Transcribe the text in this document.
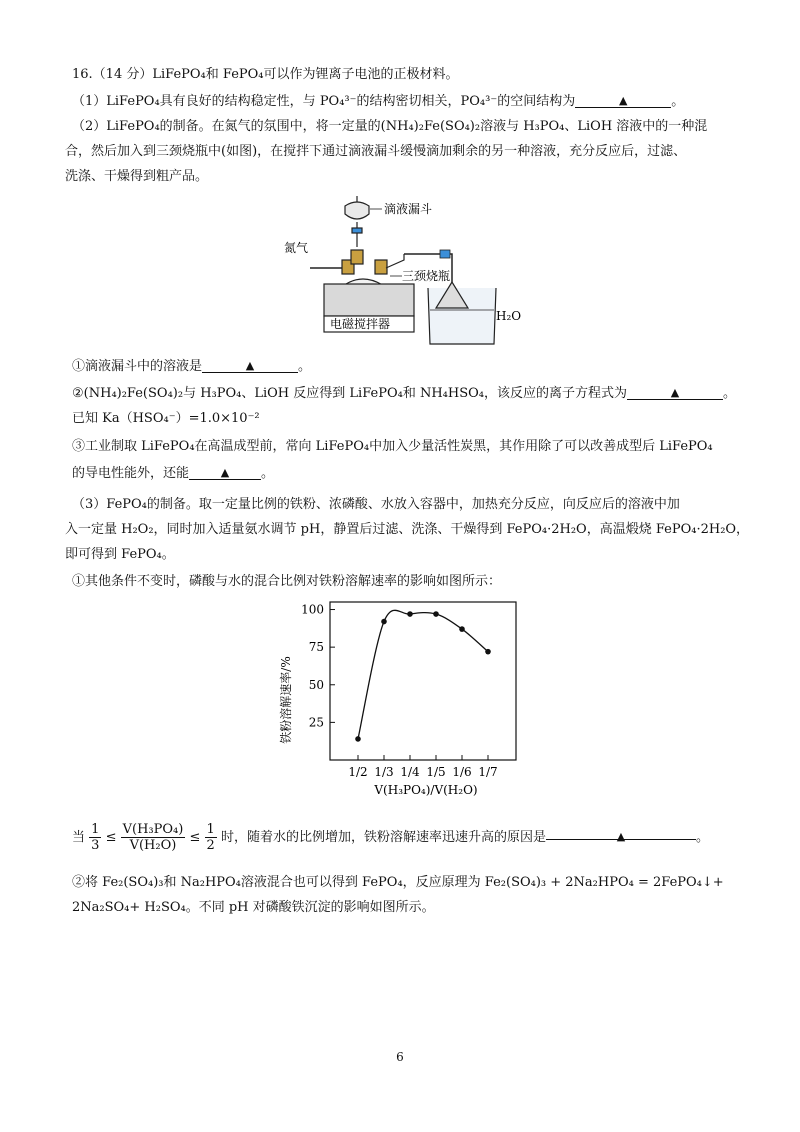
16.（14 分）LiFePO₄和 FePO₄可以作为锂离子电池的正极材料。
（1）LiFePO₄具有良好的结构稳定性，与 PO₄³⁻的结构密切相关，PO₄³⁻的空间结构为	▲	。
（2）LiFePO₄的制备。在氮气的氛围中，将一定量的(NH₄)₂Fe(SO₄)₂溶液与 H₃PO₄、LiOH 溶液中的一种混
合，然后加入到三颈烧瓶中(如图)，在搅拌下通过滴液漏斗缓慢滴加剩余的另一种溶液，充分反应后，过滤、
洗涤、干燥得到粗产品。
滴液漏斗
氮气
三颈烧瓶
H₂O
电磁搅拌器
①滴液漏斗中的溶液是	▲	。
②(NH₄)₂Fe(SO₄)₂与 H₃PO₄、LiOH 反应得到 LiFePO₄和 NH₄HSO₄，该反应的离子方程式为	▲	。
已知 Ka（HSO₄⁻）=1.0×10⁻²
③工业制取 LiFePO₄在高温成型前，常向 LiFePO₄中加入少量活性炭黑，其作用除了可以改善成型后 LiFePO₄
的导电性能外，还能	▲ 。
（3）FePO₄的制备。取一定量比例的铁粉、浓磷酸、水放入容器中，加热充分反应，向反应后的溶液中加
入一定量 H₂O₂，同时加入适量氨水调节 pH，静置后过滤、洗涤、干燥得到 FePO₄·2H₂O，高温煅烧 FePO₄·2H₂O，
即可得到 FePO₄。
①其他条件不变时，磷酸与水的混合比例对铁粉溶解速率的影响如图所示：
铁粉溶解速率/%
V(H₃PO₄)/V(H₂O)
25
50
75
100
1/2 1/3 1/4 1/5 1/6 1/7
当 $\frac{1}{3} \le \frac{\text{V(H₃PO₄)}}{\text{V(H₂O)}} \le \frac{1}{2}$ 时，随着水的比例增加，铁粉溶解速率迅速升高的原因是	▲	。
②将 Fe₂(SO₄)₃和 Na₂HPO₄溶液混合也可以得到 FePO₄，反应原理为 Fe₂(SO₄)₃ + 2Na₂HPO₄ = 2FePO₄↓+
2Na₂SO₄+ H₂SO₄。不同 pH 对磷酸铁沉淀的影响如图所示。
6
